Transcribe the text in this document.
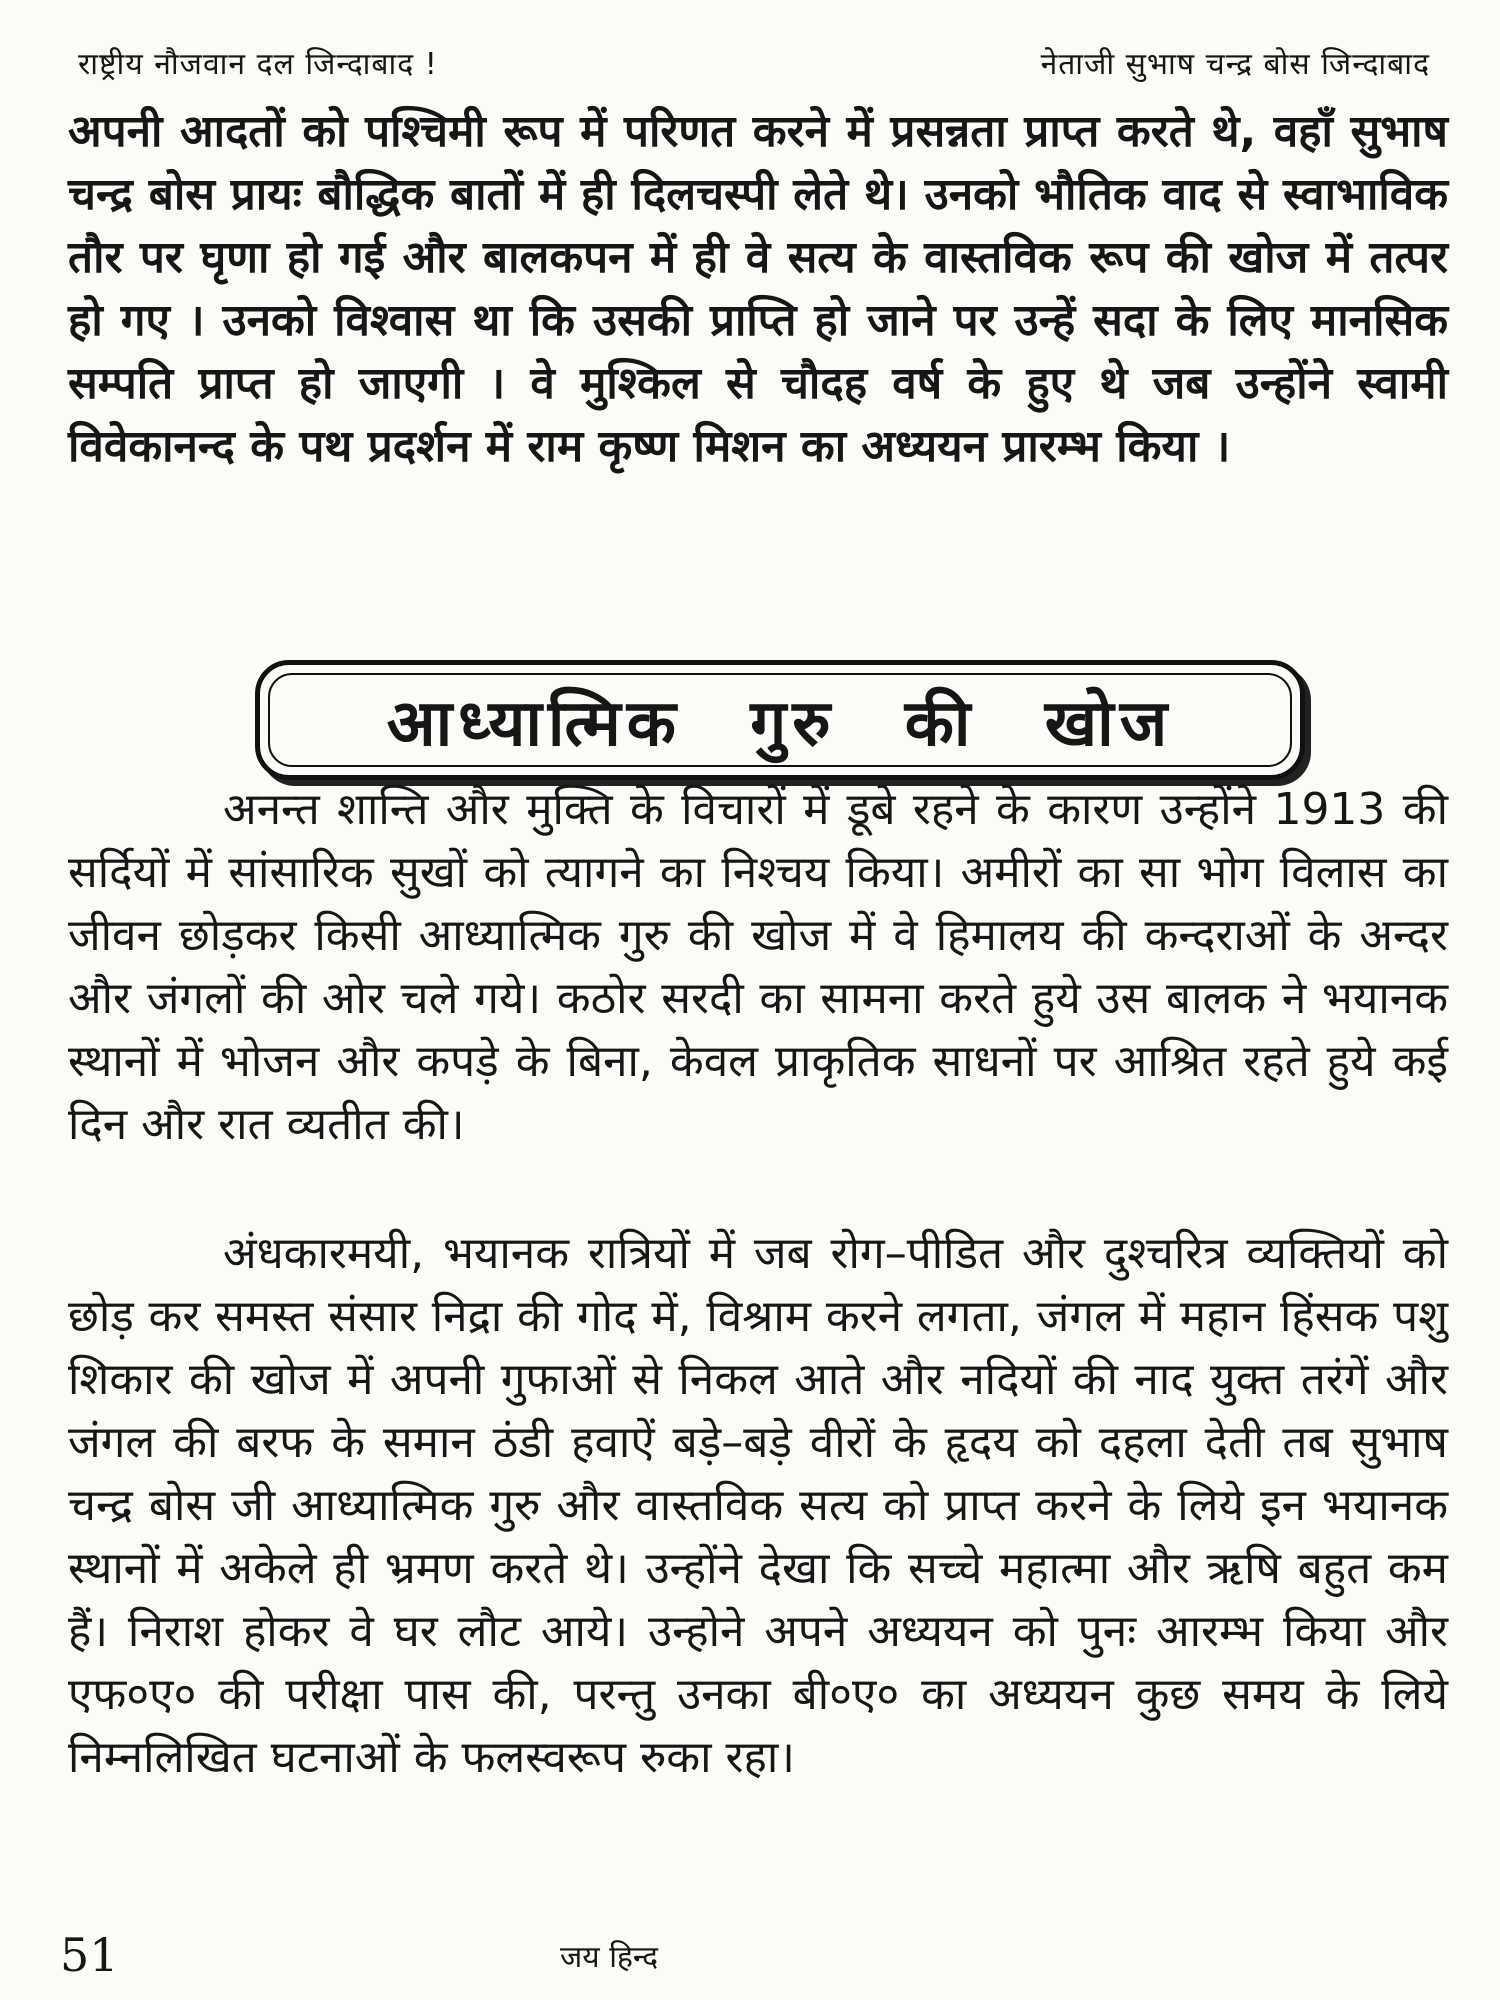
राष्ट्रीय नौजवान दल जिन्दाबाद !	नेताजी सुभाष चन्द्र बोस जिन्दाबाद

अपनी आदतों को पश्चिमी रूप में परिणत करने में प्रसन्नता प्राप्त करते थे, वहाँ सुभाष चन्द्र बोस प्रायः बौद्धिक बातों में ही दिलचस्पी लेते थे। उनको भौतिक वाद से स्वाभाविक तौर पर घृणा हो गई और बालकपन में ही वे सत्य के वास्तविक रूप की खोज में तत्पर हो गए । उनको विश्वास था कि उसकी प्राप्ति हो जाने पर उन्हें सदा के लिए मानसिक सम्पति प्राप्त हो जाएगी । वे मुश्किल से चौदह वर्ष के हुए थे जब उन्होंने स्वामी विवेकानन्द के पथ प्रदर्शन में राम कृष्ण मिशन का अध्ययन प्रारम्भ किया ।

आध्यात्मिक गुरु की खोज

अनन्त शान्ति और मुक्ति के विचारों में डूबे रहने के कारण उन्होंने 1913 की सर्दियों में सांसारिक सुखों को त्यागने का निश्चय किया। अमीरों का सा भोग विलास का जीवन छोड़कर किसी आध्यात्मिक गुरु की खोज में वे हिमालय की कन्दराओं के अन्दर और जंगलों की ओर चले गये। कठोर सरदी का सामना करते हुये उस बालक ने भयानक स्थानों में भोजन और कपड़े के बिना, केवल प्राकृतिक साधनों पर आश्रित रहते हुये कई दिन और रात व्यतीत की।

अंधकारमयी, भयानक रात्रियों में जब रोग–पीडित और दुश्चरित्र व्यक्तियों को छोड़ कर समस्त संसार निद्रा की गोद में, विश्राम करने लगता, जंगल में महान हिंसक पशु शिकार की खोज में अपनी गुफाओं से निकल आते और नदियों की नाद युक्त तरंगें और जंगल की बरफ के समान ठंडी हवाऐं बड़े–बड़े वीरों के हृदय को दहला देती तब सुभाष चन्द्र बोस जी आध्यात्मिक गुरु और वास्तविक सत्य को प्राप्त करने के लिये इन भयानक स्थानों में अकेले ही भ्रमण करते थे। उन्होंने देखा कि सच्चे महात्मा और ऋषि बहुत कम हैं। निराश होकर वे घर लौट आये। उन्होने अपने अध्ययन को पुनः आरम्भ किया और एफ०ए० की परीक्षा पास की, परन्तु उनका बी०ए० का अध्ययन कुछ समय के लिये निम्नलिखित घटनाओं के फलस्वरूप रुका रहा।

51	जय हिन्द
